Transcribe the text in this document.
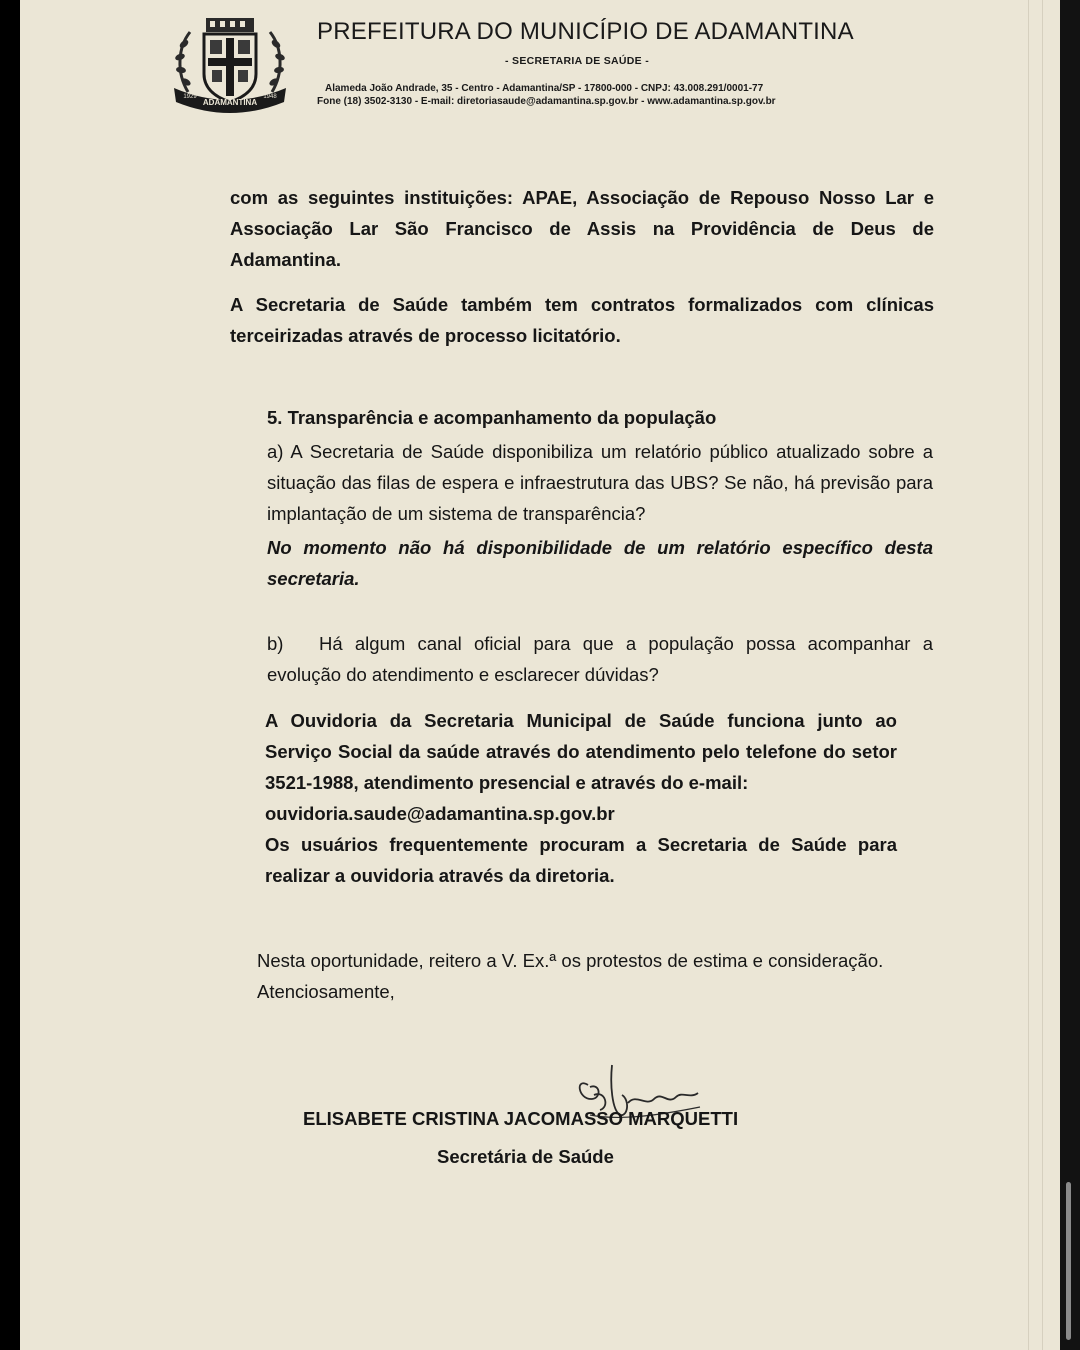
ADAMANTINA
1929	1948
PREFEITURA DO MUNICÍPIO DE ADAMANTINA
- SECRETARIA DE SAÚDE -
Alameda João Andrade, 35 - Centro - Adamantina/SP - 17800-000 - CNPJ: 43.008.291/0001-77
Fone (18) 3502-3130 - E-mail: diretoriasaude@adamantina.sp.gov.br - www.adamantina.sp.gov.br
com as seguintes instituições: APAE, Associação de Repouso Nosso Lar e Associação Lar São Francisco de Assis na Providência de Deus de Adamantina.
A Secretaria de Saúde também tem contratos formalizados com clínicas terceirizadas através de processo licitatório.
5. Transparência e acompanhamento da população
a) A Secretaria de Saúde disponibiliza um relatório público atualizado sobre a situação das filas de espera e infraestrutura das UBS? Se não, há previsão para implantação de um sistema de transparência?
No momento não há disponibilidade de um relatório específico desta secretaria.
b) Há algum canal oficial para que a população possa acompanhar a evolução do atendimento e esclarecer dúvidas?
A Ouvidoria da Secretaria Municipal de Saúde funciona junto ao Serviço Social da saúde através do atendimento pelo telefone do setor 3521-1988, atendimento presencial e através do e-mail:
ouvidoria.saude@adamantina.sp.gov.br
Os usuários frequentemente procuram a Secretaria de Saúde para realizar a ouvidoria através da diretoria.
Nesta oportunidade, reitero a V. Ex.ª os protestos de estima e consideração.
Atenciosamente,
ELISABETE CRISTINA JACOMASSO MARQUETTI
Secretária de Saúde
